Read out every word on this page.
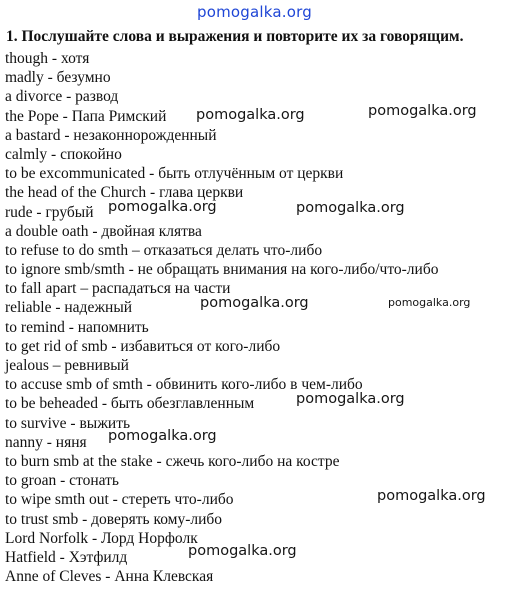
pomogalka.org
1. Послушайте слова и выражения и повторите их за говорящим.
though - хотя
madly - безумно
a divorce - развод
the Pope - Папа Римский
a bastard - незаконнорожденный
calmly - спокойно
to be excommunicated - быть отлучённым от церкви
the head of the Church - глава церкви
rude - грубый
a double oath - двойная клятва
to refuse to do smth – отказаться делать что-либо
to ignore smb/smth - не обращать внимания на кого-либо/что-либо
to fall apart – распадаться на части
reliable - надежный
to remind - напомнить
to get rid of smb - избавиться от кого-либо
jealous – ревнивый
to accuse smb of smth - обвинить кого-либо в чем-либо
to be beheaded - быть обезглавленным
to survive - выжить
nanny - няня
to burn smb at the stake - сжечь кого-либо на костре
to groan - стонать
to wipe smth out - стереть что-либо
to trust smb - доверять кому-либо
Lord Norfolk - Лорд Норфолк
Hatfield - Хэтфилд
Anne of Cleves - Анна Клевская
pomogalka.org	pomogalka.org
pomogalka.org	pomogalka.org
pomogalka.org	pomogalka.org
pomogalka.org
pomogalka.org
pomogalka.org
pomogalka.org
